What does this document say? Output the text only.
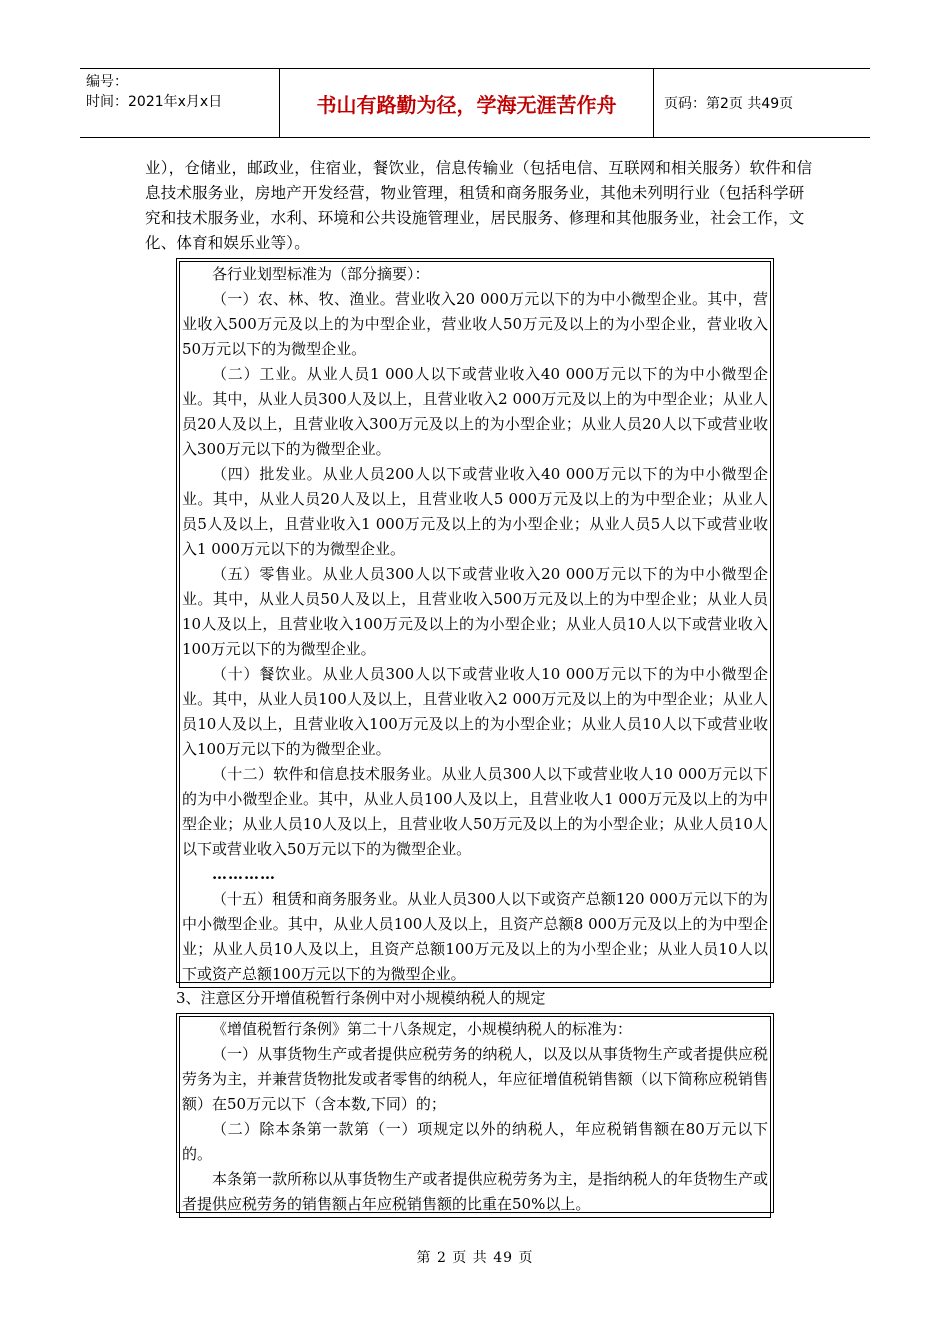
编号：
时间：2021年x月x日	书山有路勤为径，学海无涯苦作舟	页码：第2页 共49页
业），仓储业，邮政业，住宿业，餐饮业，信息传输业（包括电信、互联网和相关服务）软件和信息技术服务业，房地产开发经营，物业管理，租赁和商务服务业，其他未列明行业（包括科学研究和技术服务业，水利、环境和公共设施管理业，居民服务、修理和其他服务业，社会工作，文化、体育和娱乐业等）。

各行业划型标准为（部分摘要）：

（一）农、林、牧、渔业。营业收入20 000万元以下的为中小微型企业。其中，营业收入500万元及以上的为中型企业，营业收人50万元及以上的为小型企业，营业收入50万元以下的为微型企业。

（二）工业。从业人员1 000人以下或营业收入40 000万元以下的为中小微型企业。其中，从业人员300人及以上，且营业收入2 000万元及以上的为中型企业；从业人员20人及以上，且营业收入300万元及以上的为小型企业；从业人员20人以下或营业收入300万元以下的为微型企业。

（四）批发业。从业人员200人以下或营业收入40 000万元以下的为中小微型企业。其中，从业人员20人及以上，且营业收人5 000万元及以上的为中型企业；从业人员5人及以上，且营业收入1 000万元及以上的为小型企业；从业人员5人以下或营业收入1 000万元以下的为微型企业。

（五）零售业。从业人员300人以下或营业收入20 000万元以下的为中小微型企业。其中，从业人员50人及以上，且营业收入500万元及以上的为中型企业；从业人员10人及以上，且营业收入100万元及以上的为小型企业；从业人员10人以下或营业收入100万元以下的为微型企业。

（十）餐饮业。从业人员300人以下或营业收人10 000万元以下的为中小微型企业。其中，从业人员100人及以上，且营业收入2 000万元及以上的为中型企业；从业人员10人及以上，且营业收入100万元及以上的为小型企业；从业人员10人以下或营业收入100万元以下的为微型企业。

（十二）软件和信息技术服务业。从业人员300人以下或营业收人10 000万元以下的为中小微型企业。其中，从业人员100人及以上，且营业收人1 000万元及以上的为中型企业；从业人员10人及以上，且营业收人50万元及以上的为小型企业；从业人员10人以下或营业收入50万元以下的为微型企业。

…………

（十五）租赁和商务服务业。从业人员300人以下或资产总额120 000万元以下的为中小微型企业。其中，从业人员100人及以上，且资产总额8 000万元及以上的为中型企业；从业人员10人及以上，且资产总额100万元及以上的为小型企业；从业人员10人以下或资产总额100万元以下的为微型企业。

3、注意区分开增值税暂行条例中对小规模纳税人的规定

《增值税暂行条例》第二十八条规定，小规模纳税人的标准为：

（一）从事货物生产或者提供应税劳务的纳税人，以及以从事货物生产或者提供应税劳务为主，并兼营货物批发或者零售的纳税人，年应征增值税销售额（以下简称应税销售额）在50万元以下（含本数,下同）的；

（二）除本条第一款第（一）项规定以外的纳税人，年应税销售额在80万元以下的。

本条第一款所称以从事货物生产或者提供应税劳务为主，是指纳税人的年货物生产或者提供应税劳务的销售额占年应税销售额的比重在50%以上。

第 2 页 共 49 页
